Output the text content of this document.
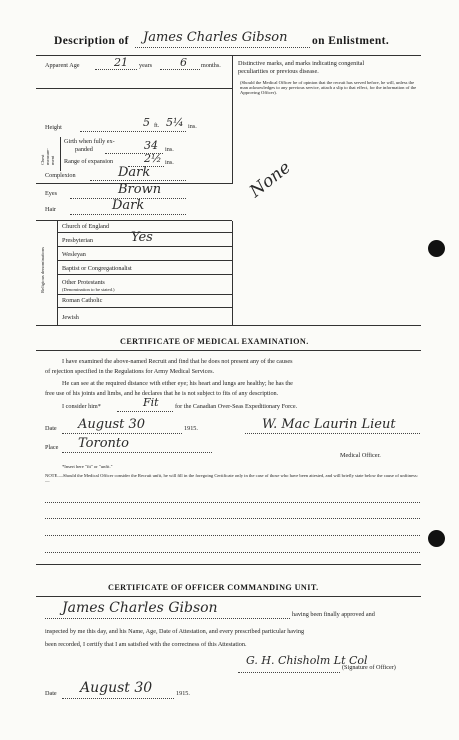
Description of James Charles Gibson on Enlistment.
Apparent Age	21 years	6 months.	Distinctive marks, and marks indicating congenital
peculiarities or previous disease.
(Should the Medical Officer be of opinion that the recruit has served before, he will, unless the man acknowledges to any previous service, attach a slip to that effect, for the information of the Approving Officer).
None
Height	5 ft. 5¼ ins.
Chest measure-ment
Girth when fully ex-
panded	34 ins.
Range of expansion	2½ ins.
Complexion	Dark
Eyes	Brown
Hair	Dark
Religious denominations
Church of England
Presbyterian	Yes
Wesleyan
Baptist or Congregationalist
Other Protestants
(Denomination to be stated.)
Roman Catholic
Jewish
CERTIFICATE OF MEDICAL EXAMINATION.
I have examined the above-named Recruit and find that he does not present any of the causes
of rejection specified in the Regulations for Army Medical Services.
He can see at the required distance with either eye; his heart and lungs are healthy; he has the
free use of his joints and limbs, and he declares that he is not subject to fits of any description.
I consider him*	Fit	for the Canadian Over-Seas Expeditionary Force.
Date August 30	1915.	W. Mac Laurin Lieut
Place Toronto
Medical Officer.
*Insert here "fit" or "unfit."
NOTE.—Should the Medical Officer consider the Recruit unfit, he will fill in the foregoing Certificate only in the case of those who have been attested, and will briefly state below the cause of unfitness:—
CERTIFICATE OF OFFICER COMMANDING UNIT.
James Charles Gibson	having been finally approved and
inspected by me this day, and his Name, Age, Date of Attestation, and every prescribed particular having
been recorded, I certify that I am satisfied with the correctness of this Attestation.
G. H. Chisholm Lt Col
(Signature of Officer)
Date August 30	1915.
